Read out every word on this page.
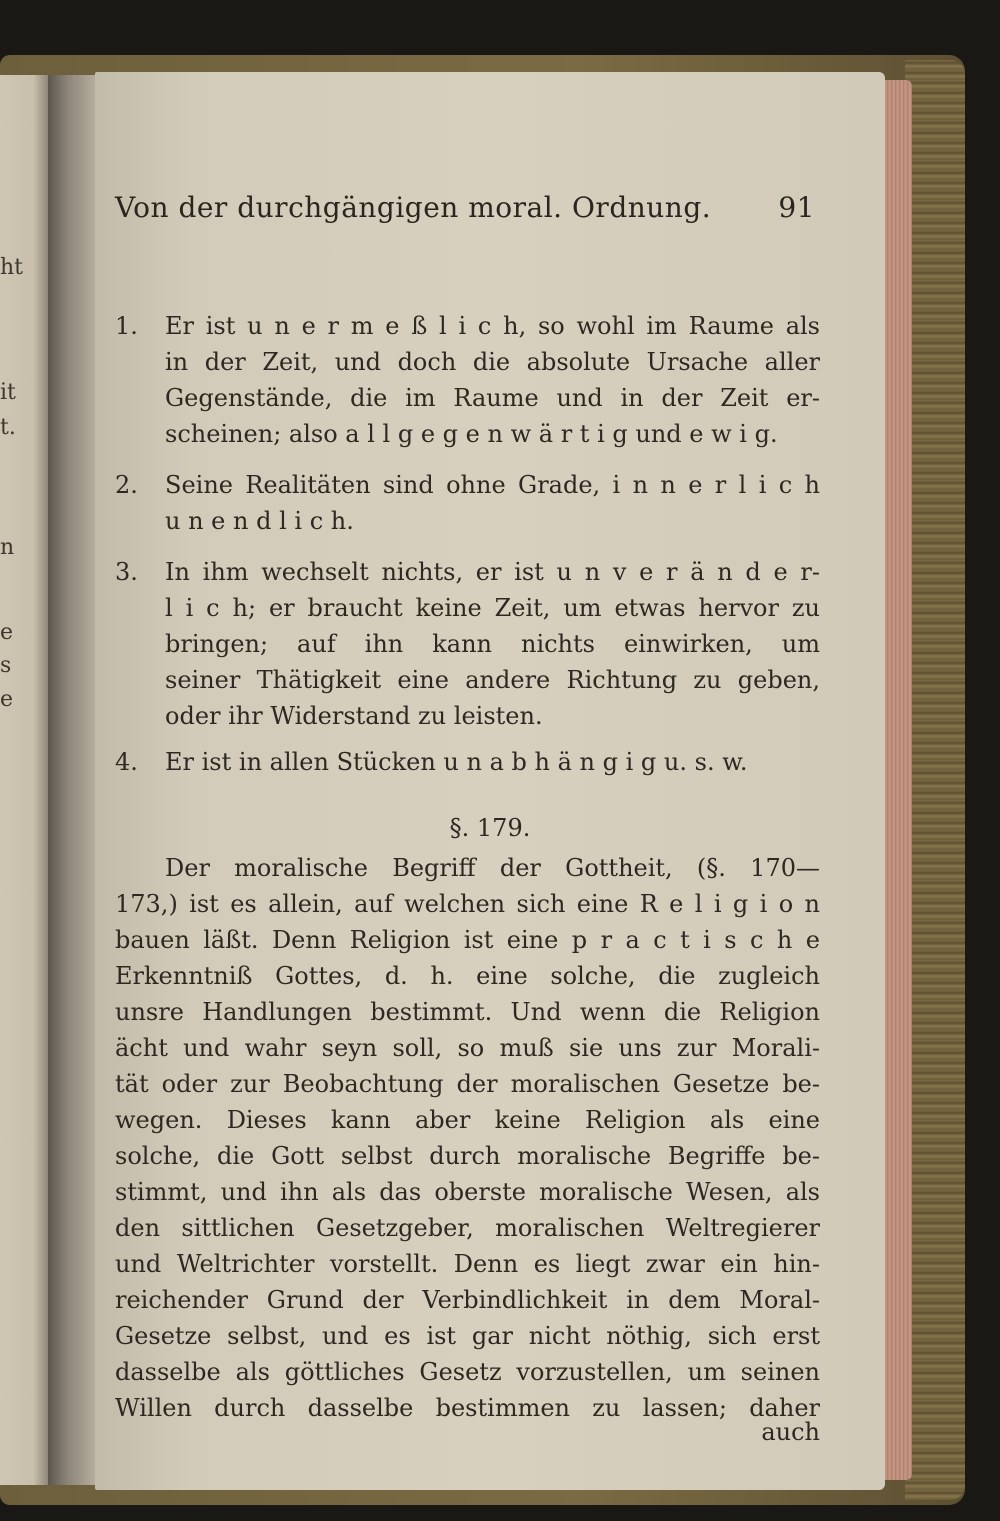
ht
it
t.
n
e
s
e
Von der durchgängigen moral. Ordnung. 91
1. Er ist u n e r m e ß l i c h, so wohl im Raume als
in der Zeit, und doch die absolute Ursache aller
Gegenstände, die im Raume und in der Zeit er-
scheinen; also a l l g e g e n w ä r t i g und e w i g.
2. Seine Realitäten sind ohne Grade, i n n e r l i c h
u n e n d l i c h.
3. In ihm wechselt nichts, er ist u n v e r ä n d e r-
l i c h; er braucht keine Zeit, um etwas hervor zu
bringen; auf ihn kann nichts einwirken, um
seiner Thätigkeit eine andere Richtung zu geben,
oder ihr Widerstand zu leisten.
4. Er ist in allen Stücken u n a b h ä n g i g u. s. w.
§. 179.
Der moralische Begriff der Gottheit, (§. 170—
173,) ist es allein, auf welchen sich eine R e l i g i o n
bauen läßt. Denn Religion ist eine p r a c t i s c h e
Erkenntniß Gottes, d. h. eine solche, die zugleich
unsre Handlungen bestimmt. Und wenn die Religion
ächt und wahr seyn soll, so muß sie uns zur Morali-
tät oder zur Beobachtung der moralischen Gesetze be-
wegen. Dieses kann aber keine Religion als eine
solche, die Gott selbst durch moralische Begriffe be-
stimmt, und ihn als das oberste moralische Wesen, als
den sittlichen Gesetzgeber, moralischen Weltregierer
und Weltrichter vorstellt. Denn es liegt zwar ein hin-
reichender Grund der Verbindlichkeit in dem Moral-
Gesetze selbst, und es ist gar nicht nöthig, sich erst
dasselbe als göttliches Gesetz vorzustellen, um seinen
Willen durch dasselbe bestimmen zu lassen; daher
auch
